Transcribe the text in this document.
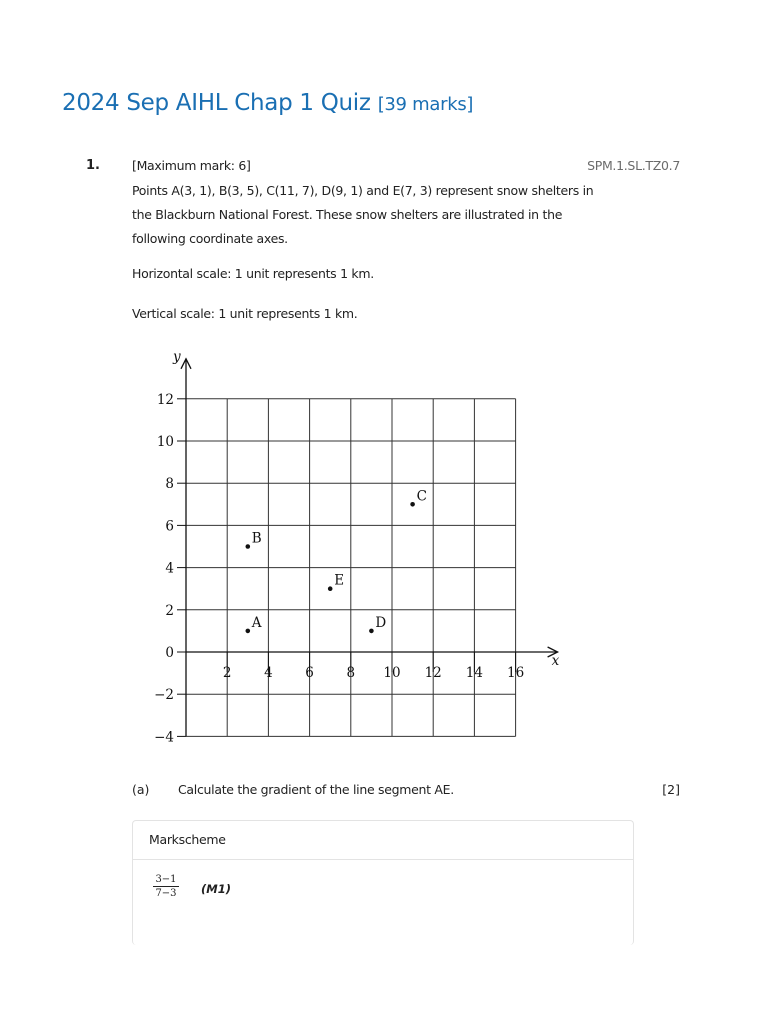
2024 Sep AIHL Chap 1 Quiz [39 marks]
1.	[Maximum mark: 6]	SPM.1.SL.TZ0.7
Points A(3, 1), B(3, 5), C(11, 7), D(9, 1) and E(7, 3) represent snow shelters in the Blackburn National Forest. These snow shelters are illustrated in the following coordinate axes.
Horizontal scale: 1 unit represents 1 km.
Vertical scale: 1 unit represents 1 km.
y
x
12
10
8
6
4
2
0
−2
−4
2 4 6 8 10 12 14 16
A
B
C
D
E
(a) Calculate the gradient of the line segment AE.	[2]
Markscheme
$\frac{3-1}{7-3} (M1)$
